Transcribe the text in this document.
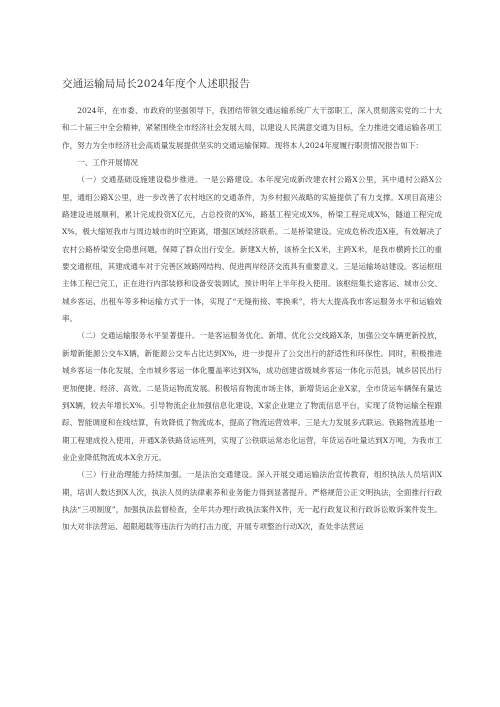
交通运输局局长2024年度个人述职报告

2024年，在市委、市政府的坚强领导下，我团结带领交通运输系统广大干部职工，深入贯彻落实党的二十大和二十届三中全会精神，紧紧围绕全市经济社会发展大局，以建设人民满意交通为目标，全力推进交通运输各项工作，努力为全市经济社会高质量发展提供坚实的交通运输保障。现将本人2024年度履行职责情况报告如下：

一、工作开展情况

（一）交通基础设施建设稳步推进。一是公路建设。本年度完成新改建农村公路X公里，其中通村公路X公里，通组公路X公里，进一步改善了农村地区的交通条件，为乡村振兴战略的实施提供了有力支撑。X项目高速公路建设进展顺利，累计完成投资X亿元，占总投资的X%，路基工程完成X%，桥梁工程完成X%，隧道工程完成X%，极大缩短我市与周边城市的时空距离，增强区域经济联系。二是桥梁建设。完成危桥改造X座，有效解决了农村公路桥梁安全隐患问题，保障了群众出行安全。新建X大桥，该桥全长X米，主跨X米，是我市横跨长江的重要交通枢纽，其建成通车对于完善区域路网结构、促进两岸经济交流具有重要意义。三是运输场站建设。客运枢纽主体工程已完工，正在进行内部装修和设备安装调试，预计明年上半年投入使用。该枢纽集长途客运、城市公交、城乡客运、出租车等多种运输方式于一体，实现了“无缝衔接、零换乘”，将大大提高我市客运服务水平和运输效率。

（二）交通运输服务水平显著提升。一是客运服务优化。新增、优化公交线路X条，加强公交车辆更新投放，新增新能源公交车X辆，新能源公交车占比达到X%，进一步提升了公交出行的舒适性和环保性。同时，积极推进城乡客运一体化发展，全市城乡客运一体化覆盖率达到X%，成功创建省级城乡客运一体化示范县，城乡居民出行更加便捷、经济、高效。二是货运物流发展。积极培育物流市场主体，新增货运企业X家，全市货运车辆保有量达到X辆，较去年增长X%。引导物流企业加强信息化建设，X家企业建立了物流信息平台，实现了货物运输全程跟踪、智能调度和在线结算，有效降低了物流成本，提高了物流运营效率。三是大力发展多式联运。铁路物流基地一期工程建成投入使用，开通X条铁路货运班列，实现了公铁联运常态化运营，年货运吞吐量达到X万吨，为我市工业企业降低物流成本X余万元。

（三）行业治理能力持续加强。一是法治交通建设。深入开展交通运输法治宣传教育，组织执法人员培训X期，培训人数达到X人次，执法人员的法律素养和业务能力得到显著提升。严格规范公正文明执法，全面推行行政执法“三项制度”，加强执法监督检查，全年共办理行政执法案件X件，无一起行政复议和行政诉讼败诉案件发生。加大对非法营运、超限超载等违法行为的打击力度，开展专项整治行动X次，查处非法营运
